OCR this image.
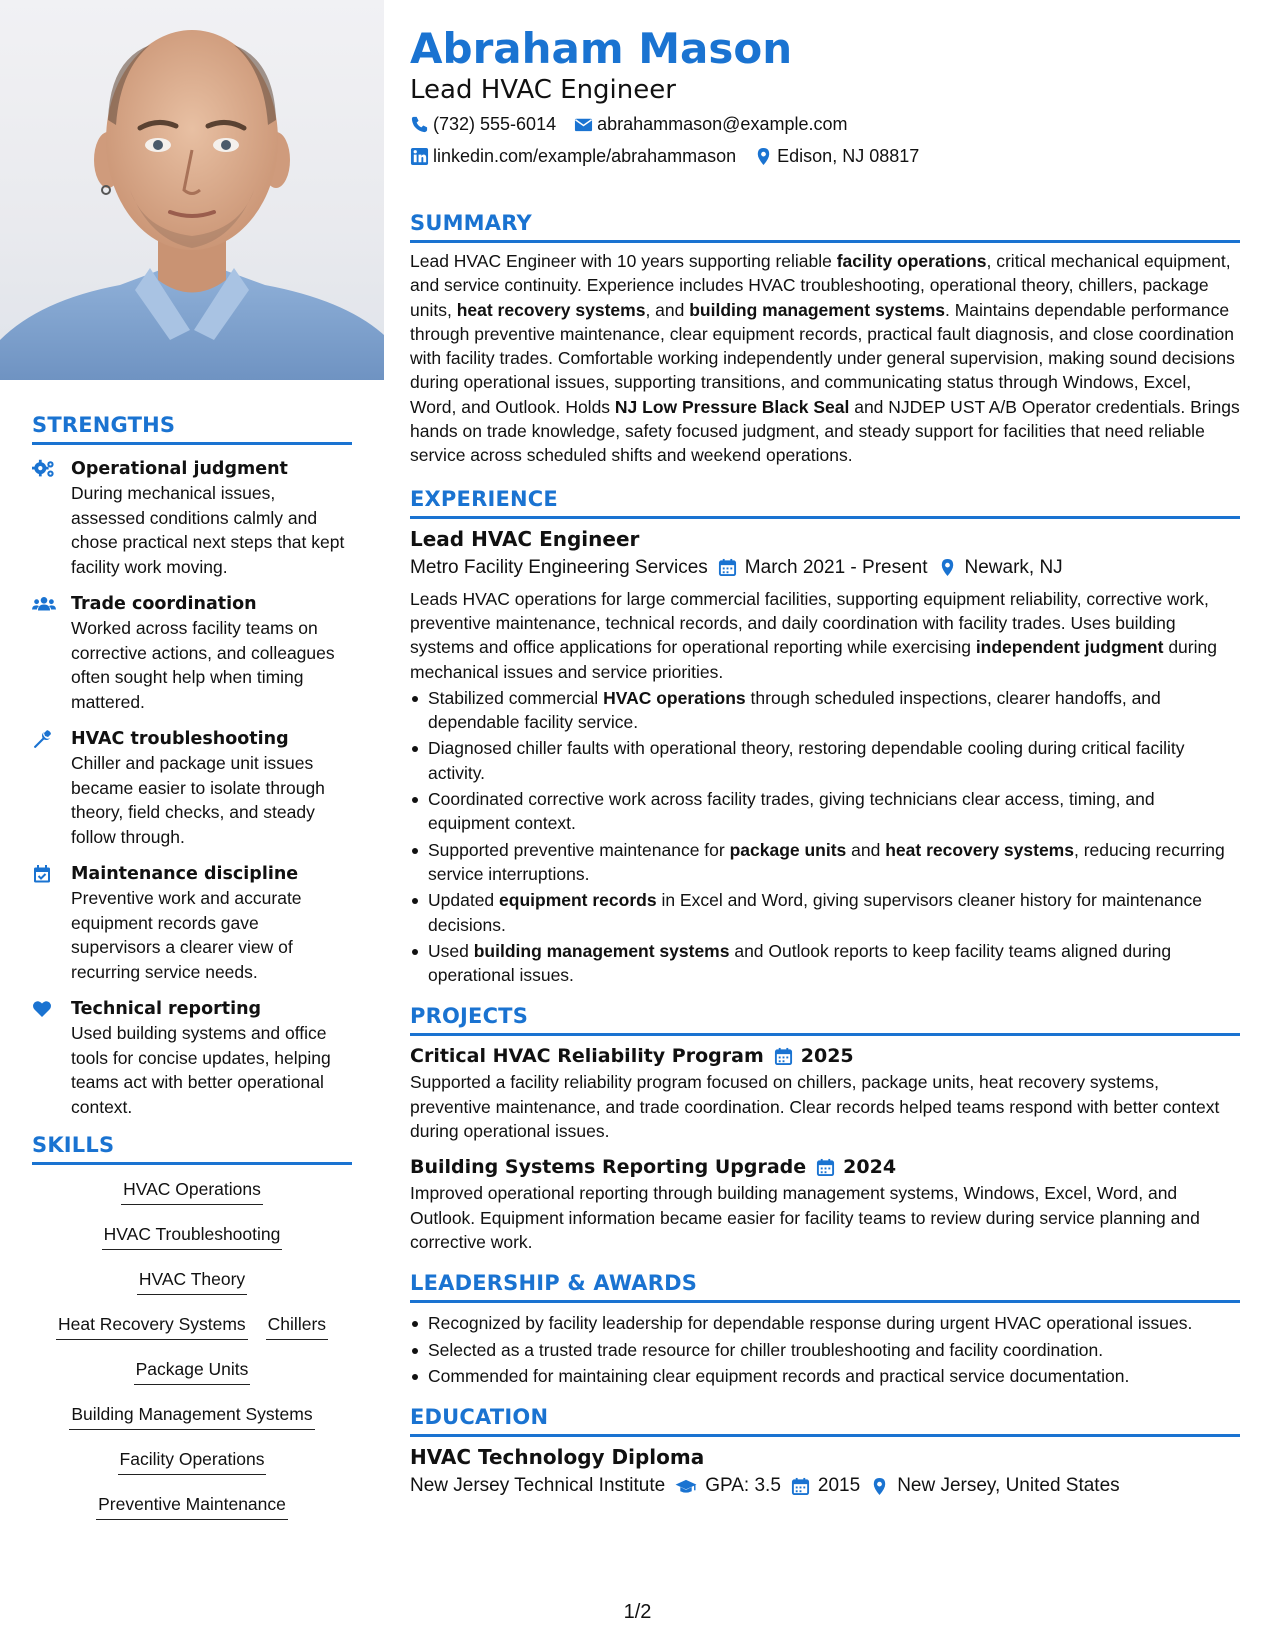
STRENGTHS
Operational judgment
During mechanical issues, assessed conditions calmly and chose practical next steps that kept facility work moving.
Trade coordination
Worked across facility teams on corrective actions, and colleagues often sought help when timing mattered.
HVAC troubleshooting
Chiller and package unit issues became easier to isolate through theory, field checks, and steady follow through.
Maintenance discipline
Preventive work and accurate equipment records gave supervisors a clearer view of recurring service needs.
Technical reporting
Used building systems and office tools for concise updates, helping teams act with better operational context.
SKILLS
HVAC Operations
HVAC Troubleshooting
HVAC Theory
Heat Recovery Systems Chillers
Package Units
Building Management Systems
Facility Operations
Preventive Maintenance
Abraham Mason
Lead HVAC Engineer
(732) 555-6014 abrahammason@example.com
linkedin.com/example/abrahammason Edison, NJ 08817
SUMMARY
Lead HVAC Engineer with 10 years supporting reliable facility operations, critical mechanical equipment, and service continuity. Experience includes HVAC troubleshooting, operational theory, chillers, package units, heat recovery systems, and building management systems. Maintains dependable performance through preventive maintenance, clear equipment records, practical fault diagnosis, and close coordination with facility trades. Comfortable working independently under general supervision, making sound decisions during operational issues, supporting transitions, and communicating status through Windows, Excel, Word, and Outlook. Holds NJ Low Pressure Black Seal and NJDEP UST A/B Operator credentials. Brings hands on trade knowledge, safety focused judgment, and steady support for facilities that need reliable service across scheduled shifts and weekend operations.
EXPERIENCE
Lead HVAC Engineer
Metro Facility Engineering Services March 2021 - Present Newark, NJ
Leads HVAC operations for large commercial facilities, supporting equipment reliability, corrective work, preventive maintenance, technical records, and daily coordination with facility trades. Uses building systems and office applications for operational reporting while exercising independent judgment during mechanical issues and service priorities.
Stabilized commercial HVAC operations through scheduled inspections, clearer handoffs, and dependable facility service.
Diagnosed chiller faults with operational theory, restoring dependable cooling during critical facility activity.
Coordinated corrective work across facility trades, giving technicians clear access, timing, and equipment context.
Supported preventive maintenance for package units and heat recovery systems, reducing recurring service interruptions.
Updated equipment records in Excel and Word, giving supervisors cleaner history for maintenance decisions.
Used building management systems and Outlook reports to keep facility teams aligned during operational issues.
PROJECTS
Critical HVAC Reliability Program 2025
Supported a facility reliability program focused on chillers, package units, heat recovery systems, preventive maintenance, and trade coordination. Clear records helped teams respond with better context during operational issues.
Building Systems Reporting Upgrade 2024
Improved operational reporting through building management systems, Windows, Excel, Word, and Outlook. Equipment information became easier for facility teams to review during service planning and corrective work.
LEADERSHIP & AWARDS
Recognized by facility leadership for dependable response during urgent HVAC operational issues.
Selected as a trusted trade resource for chiller troubleshooting and facility coordination.
Commended for maintaining clear equipment records and practical service documentation.
EDUCATION
HVAC Technology Diploma
New Jersey Technical Institute GPA: 3.5 2015 New Jersey, United States
1/2
